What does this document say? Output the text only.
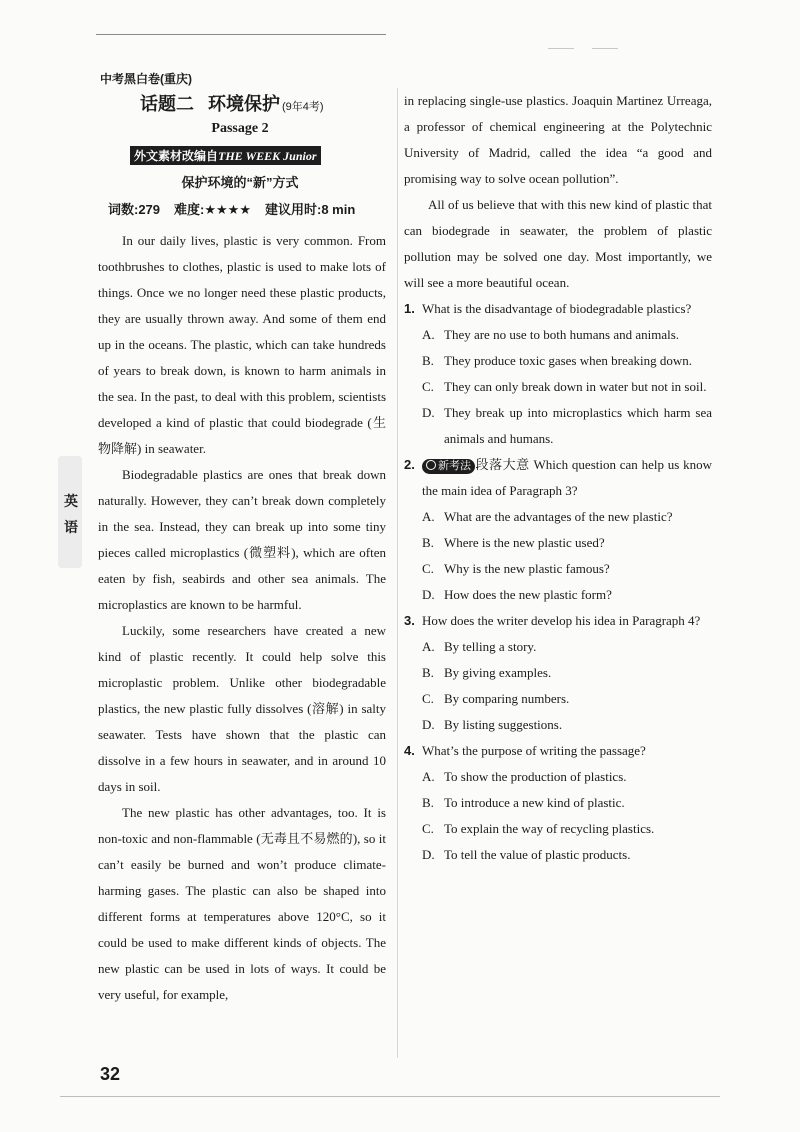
中考黑白卷(重庆)
话题二 环境保护 (9年4考)
Passage 2
外文素材改编自THE WEEK Junior
保护环境的“新”方式
词数:279 难度:★★★★ 建议用时:8 min
英语

In our daily lives, plastic is very common. From toothbrushes to clothes, plastic is used to make lots of things. Once we no longer need these plastic products, they are usually thrown away. And some of them end up in the oceans. The plastic, which can take hundreds of years to break down, is known to harm animals in the sea. In the past, to deal with this problem, scientists developed a kind of plastic that could biodegrade (生物降解) in seawater.

Biodegradable plastics are ones that break down naturally. However, they can’t break down completely in the sea. Instead, they can break up into some tiny pieces called microplastics (微塑料), which are often eaten by fish, seabirds and other sea animals. The microplastics are known to be harmful.

Luckily, some researchers have created a new kind of plastic recently. It could help solve this microplastic problem. Unlike other biodegradable plastics, the new plastic fully dissolves (溶解) in salty seawater. Tests have shown that the plastic can dissolve in a few hours in seawater, and in around 10 days in soil.

The new plastic has other advantages, too. It is non-toxic and non-flammable (无毒且不易燃的), so it can’t easily be burned and won’t produce climate-harming gases. The plastic can also be shaped into different forms at temperatures above 120°C, so it could be used to make different kinds of objects. The new plastic can be used in lots of ways. It could be very useful, for example,

in replacing single-use plastics. Joaquin Martinez Urreaga, a professor of chemical engineering at the Polytechnic University of Madrid, called the idea “a good and promising way to solve ocean pollution”.

All of us believe that with this new kind of plastic that can biodegrade in seawater, the problem of plastic pollution may be solved one day. Most importantly, we will see a more beautiful ocean.

1. What is the disadvantage of biodegradable plastics?

A. They are no use to both humans and animals.
B. They produce toxic gases when breaking down.
C. They can only break down in water but not in soil.
D. They break up into microplastics which harm sea animals and humans.

2.	新考法 段落大意 Which question can help us know the main idea of Paragraph 3?

A. What are the advantages of the new plastic?
B. Where is the new plastic used?
C. Why is the new plastic famous?
D. How does the new plastic form?

3. How does the writer develop his idea in Paragraph 4?

A. By telling a story.
B. By giving examples.
C. By comparing numbers.
D. By listing suggestions.

4. What’s the purpose of writing the passage?

A. To show the production of plastics.
B. To introduce a new kind of plastic.
C. To explain the way of recycling plastics.
D. To tell the value of plastic products.
32
